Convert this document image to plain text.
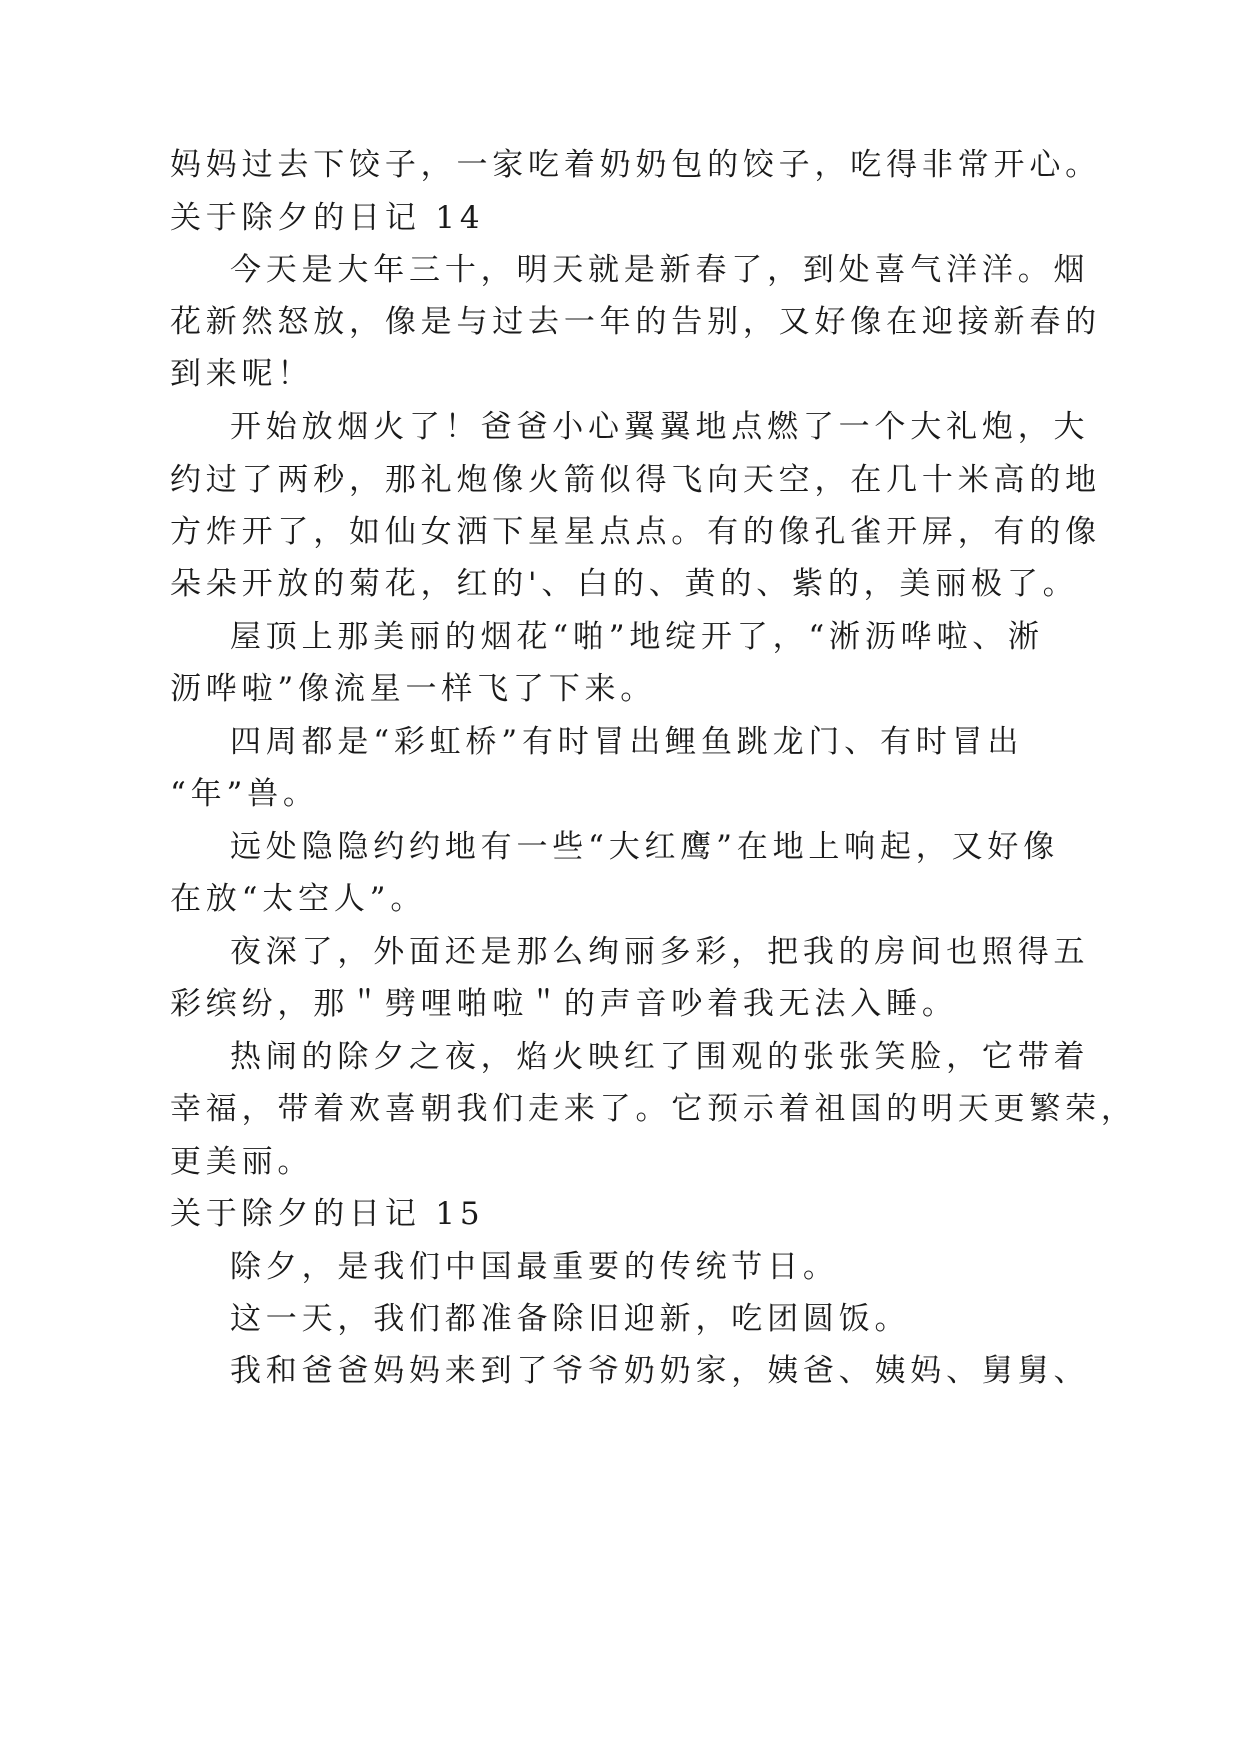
妈妈过去下饺子，一家吃着奶奶包的饺子，吃得非常开心。
关于除夕的日记 14
今天是大年三十，明天就是新春了，到处喜气洋洋。烟
花新然怒放，像是与过去一年的告别，又好像在迎接新春的
到来呢！
开始放烟火了！爸爸小心翼翼地点燃了一个大礼炮，大
约过了两秒，那礼炮像火箭似得飞向天空，在几十米高的地
方炸开了，如仙女洒下星星点点。有的像孔雀开屏，有的像
朵朵开放的菊花，红的'、白的、黄的、紫的，美丽极了。
屋顶上那美丽的烟花“啪”地绽开了，“淅沥哗啦、淅
沥哗啦”像流星一样飞了下来。
四周都是“彩虹桥”有时冒出鲤鱼跳龙门、有时冒出
“年”兽。
远处隐隐约约地有一些“大红鹰”在地上响起，又好像
在放“太空人”。
夜深了，外面还是那么绚丽多彩，把我的房间也照得五
彩缤纷，那＂劈哩啪啦＂的声音吵着我无法入睡。
热闹的除夕之夜，焰火映红了围观的张张笑脸，它带着
幸福，带着欢喜朝我们走来了。它预示着祖国的明天更繁荣，
更美丽。
关于除夕的日记 15
除夕，是我们中国最重要的传统节日。
这一天，我们都准备除旧迎新，吃团圆饭。
我和爸爸妈妈来到了爷爷奶奶家，姨爸、姨妈、舅舅、
